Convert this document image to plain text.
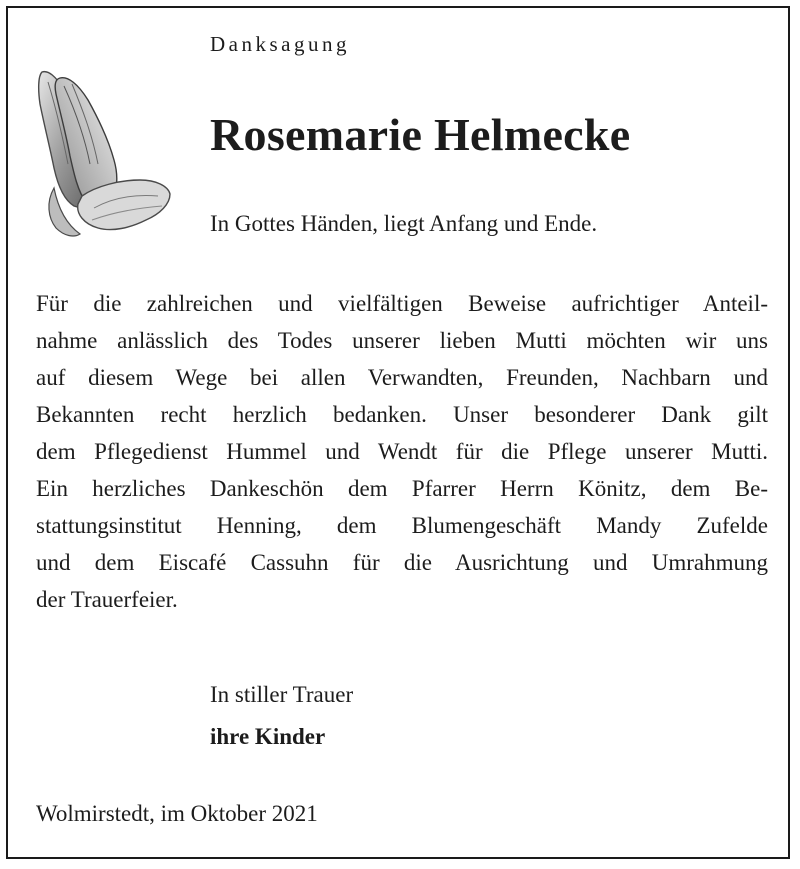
Danksagung
Rosemarie Helmecke
In Gottes Händen, liegt Anfang und Ende.
Für die zahlreichen und vielfältigen Beweise aufrichtiger Anteil-
nahme anlässlich des Todes unserer lieben Mutti möchten wir uns
auf diesem Wege bei allen Verwandten, Freunden, Nachbarn und
Bekannten recht herzlich bedanken. Unser besonderer Dank gilt
dem Pflegedienst Hummel und Wendt für die Pflege unserer Mutti.
Ein herzliches Dankeschön dem Pfarrer Herrn Könitz, dem Be-
stattungsinstitut Henning, dem Blumengeschäft Mandy Zufelde
und dem Eiscafé Cassuhn für die Ausrichtung und Umrahmung
der Trauerfeier.
In stiller Trauer
ihre Kinder
Wolmirstedt, im Oktober 2021
